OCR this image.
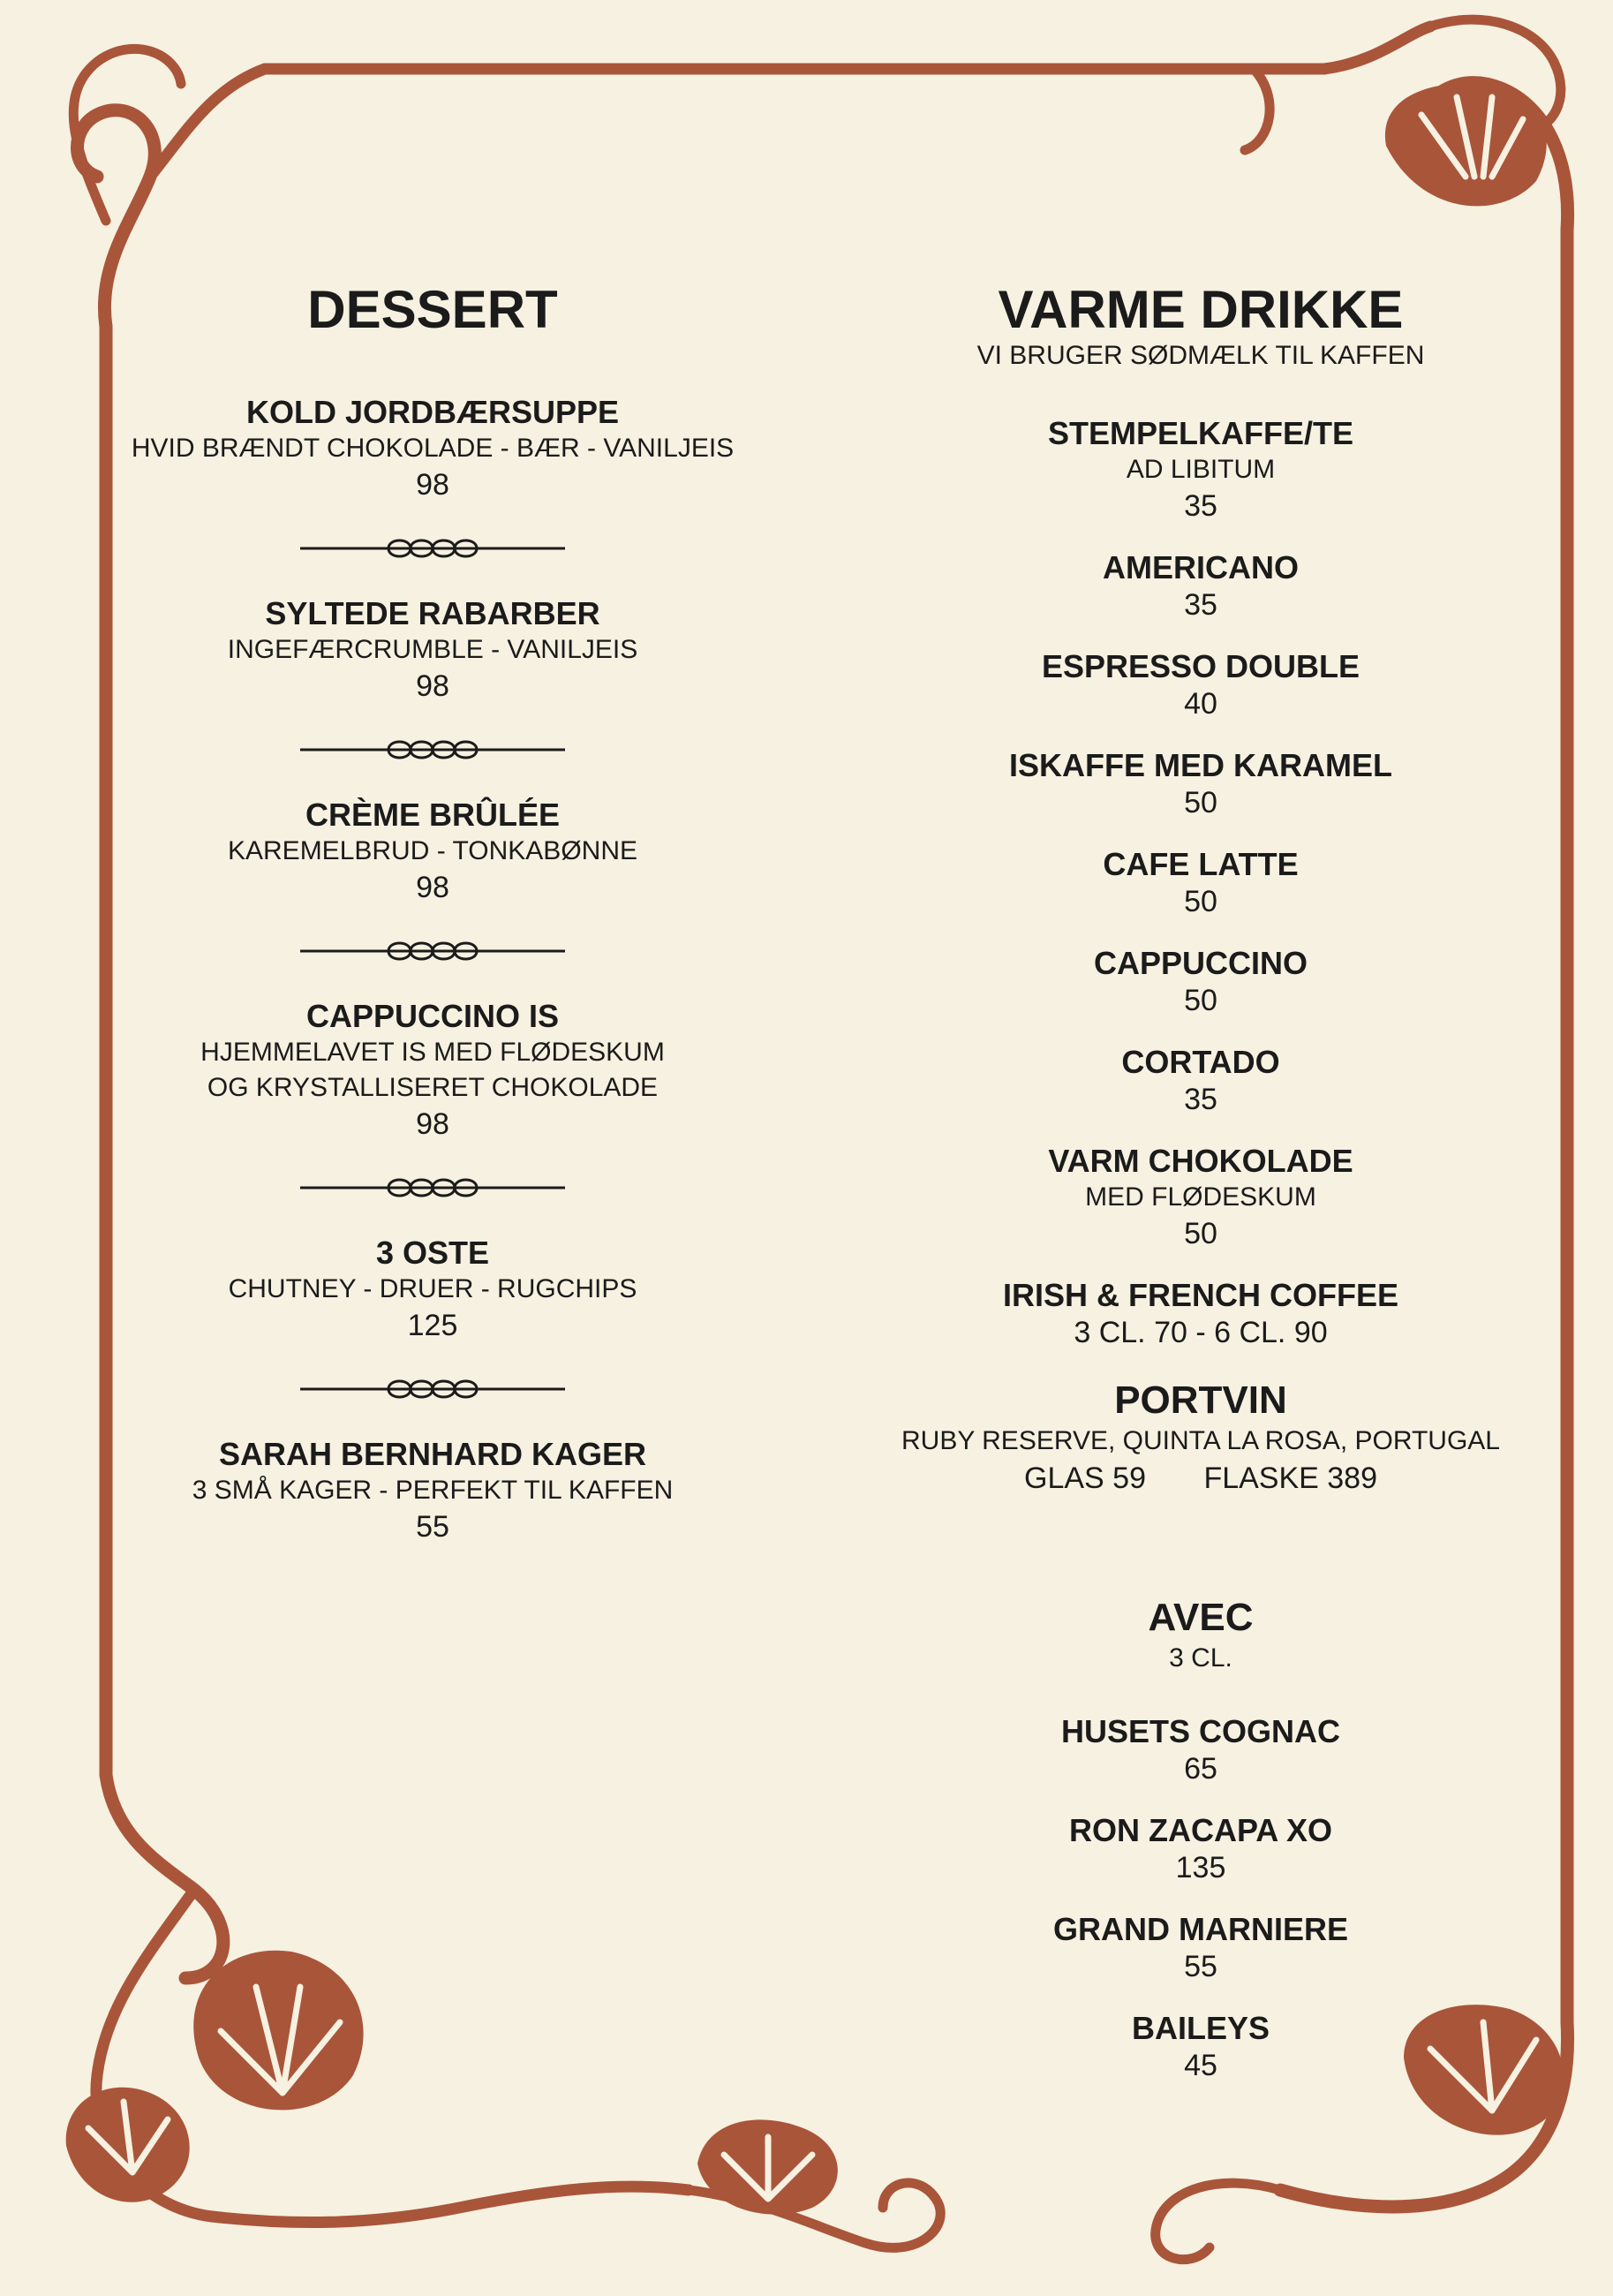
DESSERT
KOLD JORDBÆRSUPPE
HVID BRÆNDT CHOKOLADE - BÆR - VANILJEIS
98
SYLTEDE RABARBER
INGEFÆRCRUMBLE - VANILJEIS
98
CRÈME BRÛLÉE
KAREMELBRUD - TONKABØNNE
98
CAPPUCCINO IS
HJEMMELAVET IS MED FLØDESKUM
OG KRYSTALLISERET CHOKOLADE
98
3 OSTE
CHUTNEY - DRUER - RUGCHIPS
125
SARAH BERNHARD KAGER
3 SMÅ KAGER - PERFEKT TIL KAFFEN
55
VARME DRIKKE
VI BRUGER SØDMÆLK TIL KAFFEN
STEMPELKAFFE/TE
AD LIBITUM
35
AMERICANO
35
ESPRESSO DOUBLE
40
ISKAFFE MED KARAMEL
50
CAFE LATTE
50
CAPPUCCINO
50
CORTADO
35
VARM CHOKOLADE
MED FLØDESKUM
50
IRISH & FRENCH COFFEE
3 CL. 70 - 6 CL. 90
PORTVIN
RUBY RESERVE, QUINTA LA ROSA, PORTUGAL
GLAS 59 FLASKE 389
AVEC
3 CL.
HUSETS COGNAC
65
RON ZACAPA XO
135
GRAND MARNIERE
55
BAILEYS
45
